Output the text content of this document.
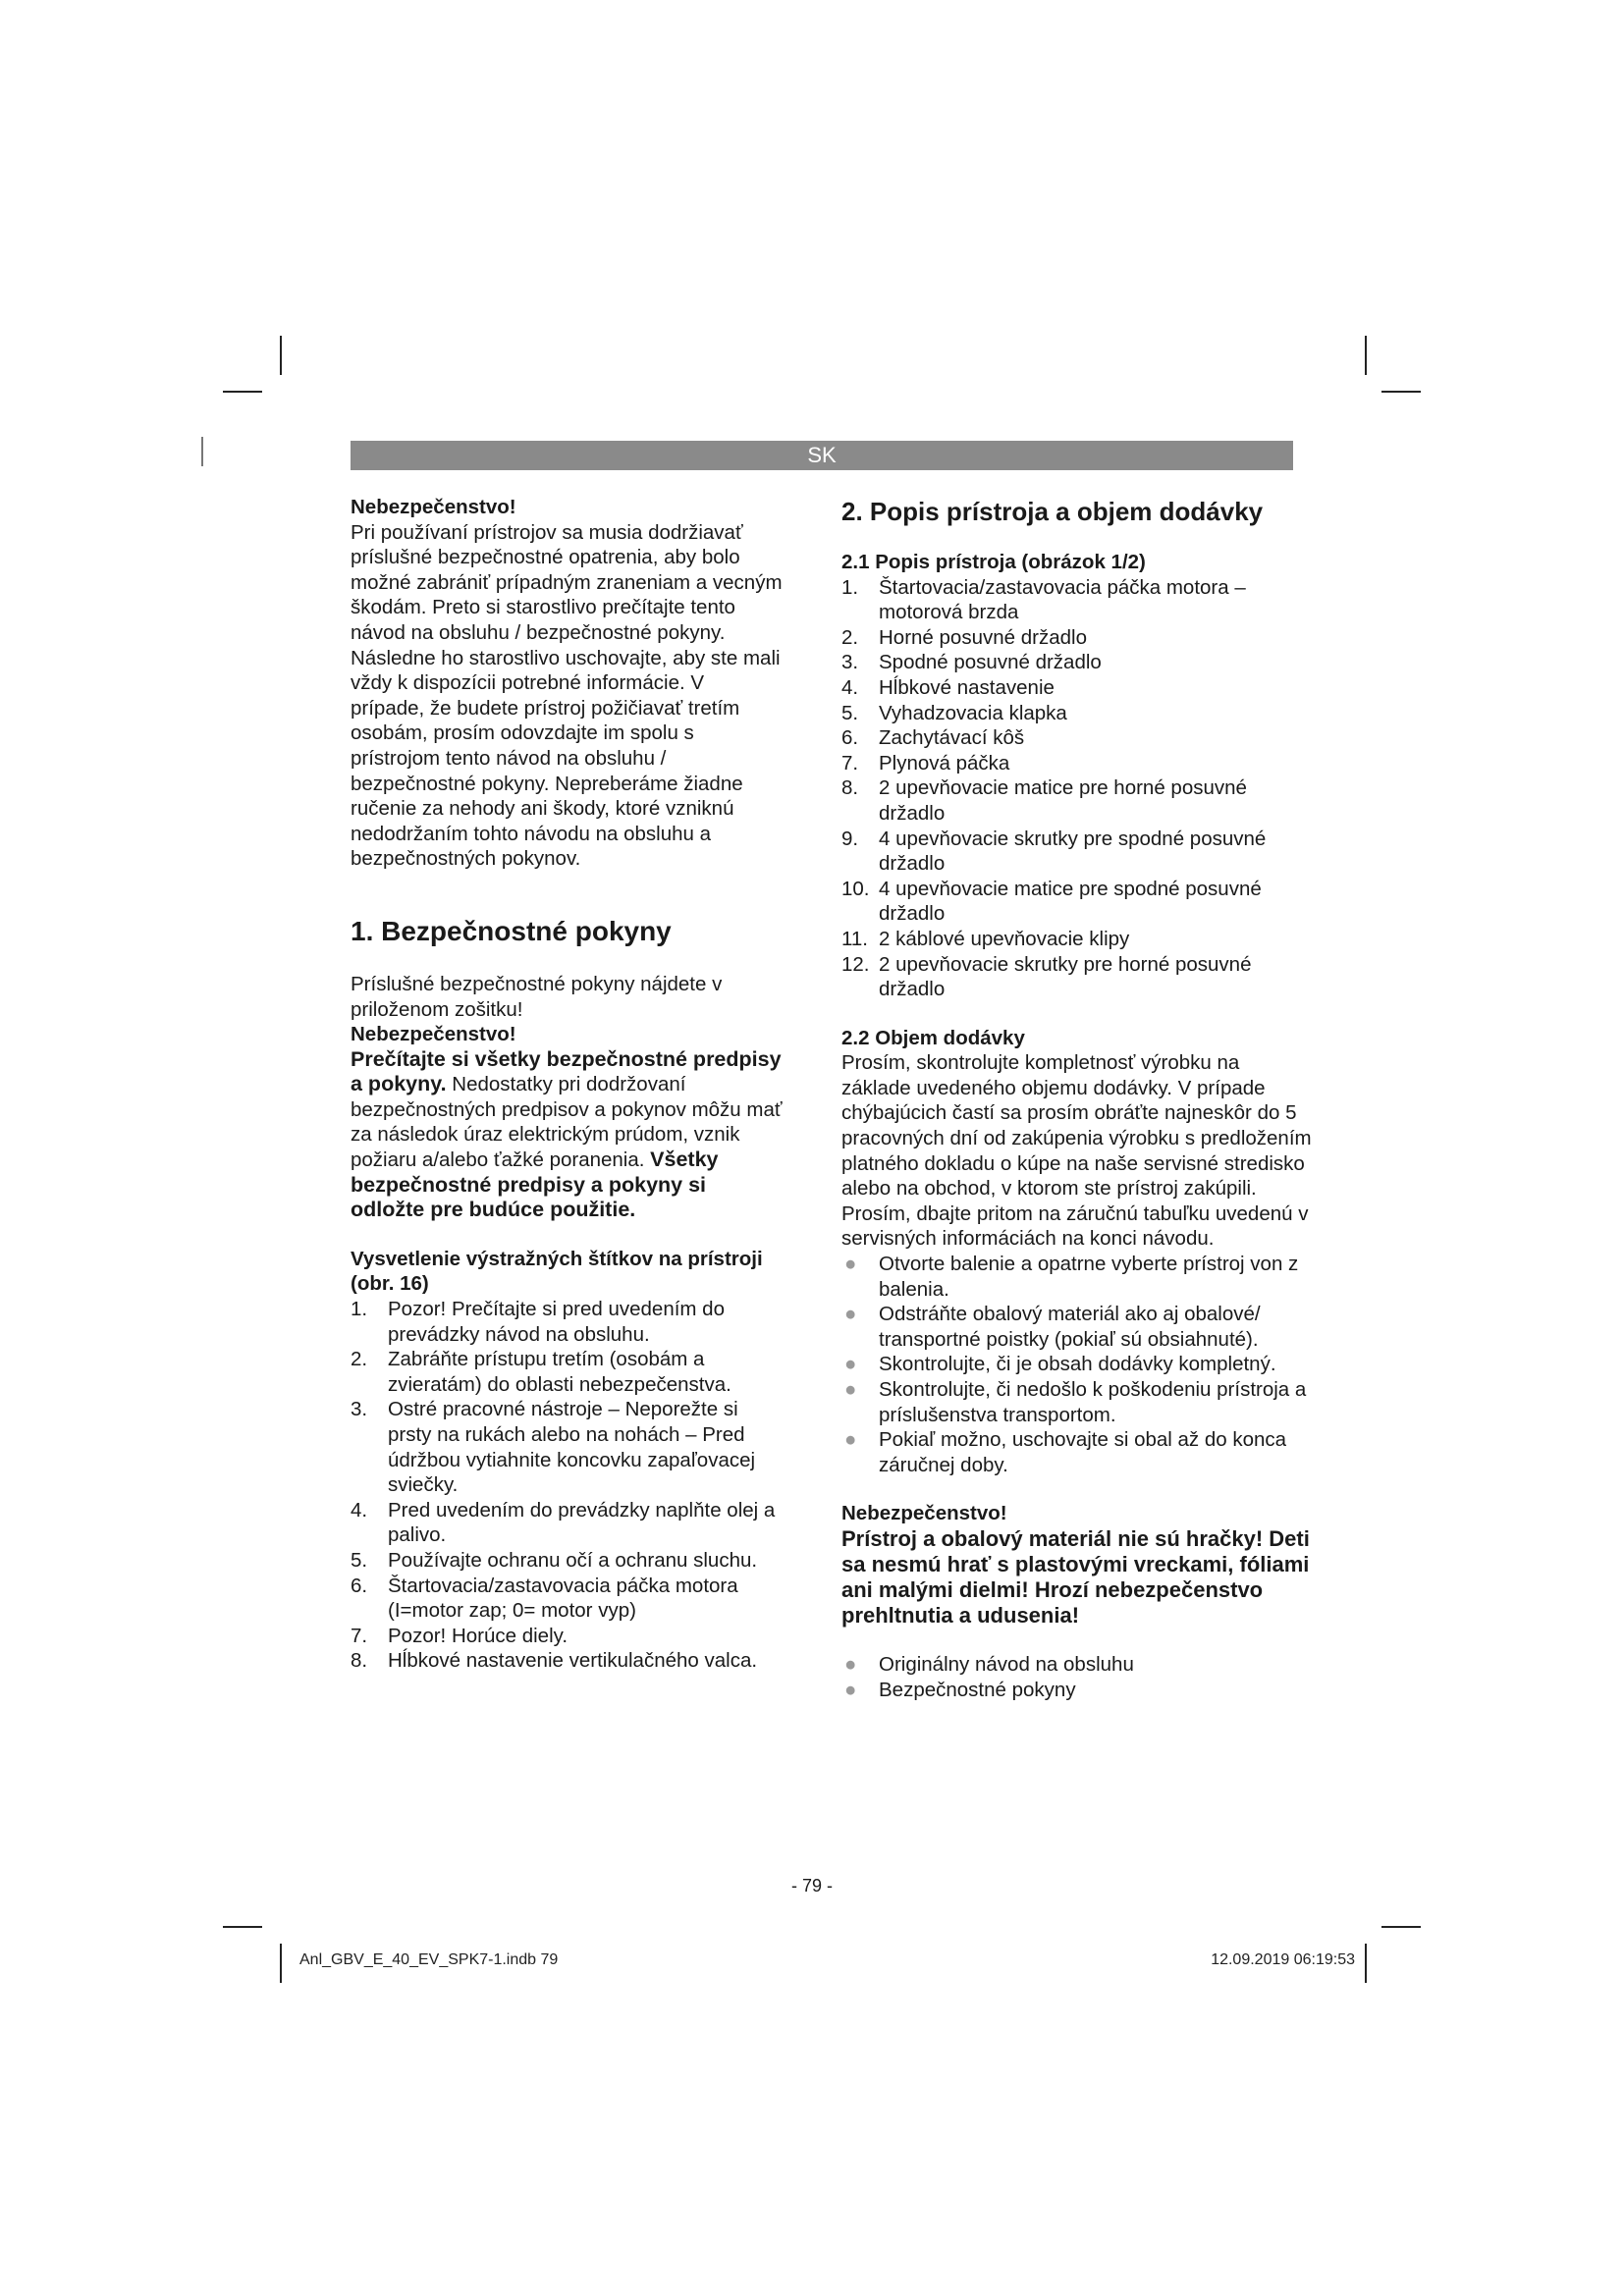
SK

Nebezpečenstvo!

Pri používaní prístrojov sa musia dodržiavať príslušné bezpečnostné opatrenia, aby bolo možné zabrániť prípadným zraneniam a vecným škodám. Preto si starostlivo prečítajte tento návod na obsluhu / bezpečnostné pokyny. Následne ho starostlivo uschovajte, aby ste mali vždy k dispozícii potrebné informácie. V prípade, že budete prístroj požičiavať tretím osobám, prosím odovzdajte im spolu s prístrojom tento návod na obsluhu / bezpečnostné pokyny. Nepreberáme žiadne ručenie za nehody ani škody, ktoré vzniknú nedodržaním tohto návodu na obsluhu a bezpečnostných pokynov.

1. Bezpečnostné pokyny

Príslušné bezpečnostné pokyny nájdete v priloženom zošitku!

Nebezpečenstvo!

Prečítajte si všetky bezpečnostné predpisy a pokyny. Nedostatky pri dodržovaní bezpečnostných predpisov a pokynov môžu mať za následok úraz elektrickým prúdom, vznik požiaru a/alebo ťažké poranenia. Všetky bezpečnostné predpisy a pokyny si odložte pre budúce použitie.

Vysvetlenie výstražných štítkov na prístroji (obr. 16)

1. Pozor! Prečítajte si pred uvedením do prevádzky návod na obsluhu.
2. Zabráňte prístupu tretím (osobám a zvieratám) do oblasti nebezpečenstva.
3. Ostré pracovné nástroje – Neporežte si prsty na rukách alebo na nohách – Pred údržbou vytiahnite koncovku zapaľovacej sviečky.
4. Pred uvedením do prevádzky naplňte olej a palivo.
5. Používajte ochranu očí a ochranu sluchu.
6. Štartovacia/zastavovacia páčka motora (I=motor zap; 0= motor vyp)
7. Pozor! Horúce diely.
8. Hĺbkové nastavenie vertikulačného valca.

2. Popis prístroja a objem dodávky

2.1 Popis prístroja (obrázok 1/2)

1. Štartovacia/zastavovacia páčka motora – motorová brzda
2. Horné posuvné držadlo
3. Spodné posuvné držadlo
4. Hĺbkové nastavenie
5. Vyhadzovacia klapka
6. Zachytávací kôš
7. Plynová páčka
8. 2 upevňovacie matice pre horné posuvné držadlo
9. 4 upevňovacie skrutky pre spodné posuvné držadlo
10. 4 upevňovacie matice pre spodné posuvné držadlo
11. 2 káblové upevňovacie klipy
12. 2 upevňovacie skrutky pre horné posuvné držadlo

2.2 Objem dodávky

Prosím, skontrolujte kompletnosť výrobku na základe uvedeného objemu dodávky. V prípade chýbajúcich častí sa prosím obráťte najneskôr do 5 pracovných dní od zakúpenia výrobku s predložením platného dokladu o kúpe na naše servisné stredisko alebo na obchod, v ktorom ste prístroj zakúpili. Prosím, dbajte pritom na záručnú tabuľku uvedenú v servisných informáciách na konci návodu.

● Otvorte balenie a opatrne vyberte prístroj von z balenia.
● Odstráňte obalový materiál ako aj obalové/ transportné poistky (pokiaľ sú obsiahnuté).
● Skontrolujte, či je obsah dodávky kompletný.
● Skontrolujte, či nedošlo k poškodeniu prístroja a príslušenstva transportom.
● Pokiaľ možno, uschovajte si obal až do konca záručnej doby.

Nebezpečenstvo!

Prístroj a obalový materiál nie sú hračky! Deti sa nesmú hrať s plastovými vreckami, fóliami ani malými dielmi! Hrozí nebezpečenstvo prehltnutia a udusenia!

● Originálny návod na obsluhu
● Bezpečnostné pokyny
- 79 -
Anl_GBV_E_40_EV_SPK7-1.indb 79	12.09.2019 06:19:53
